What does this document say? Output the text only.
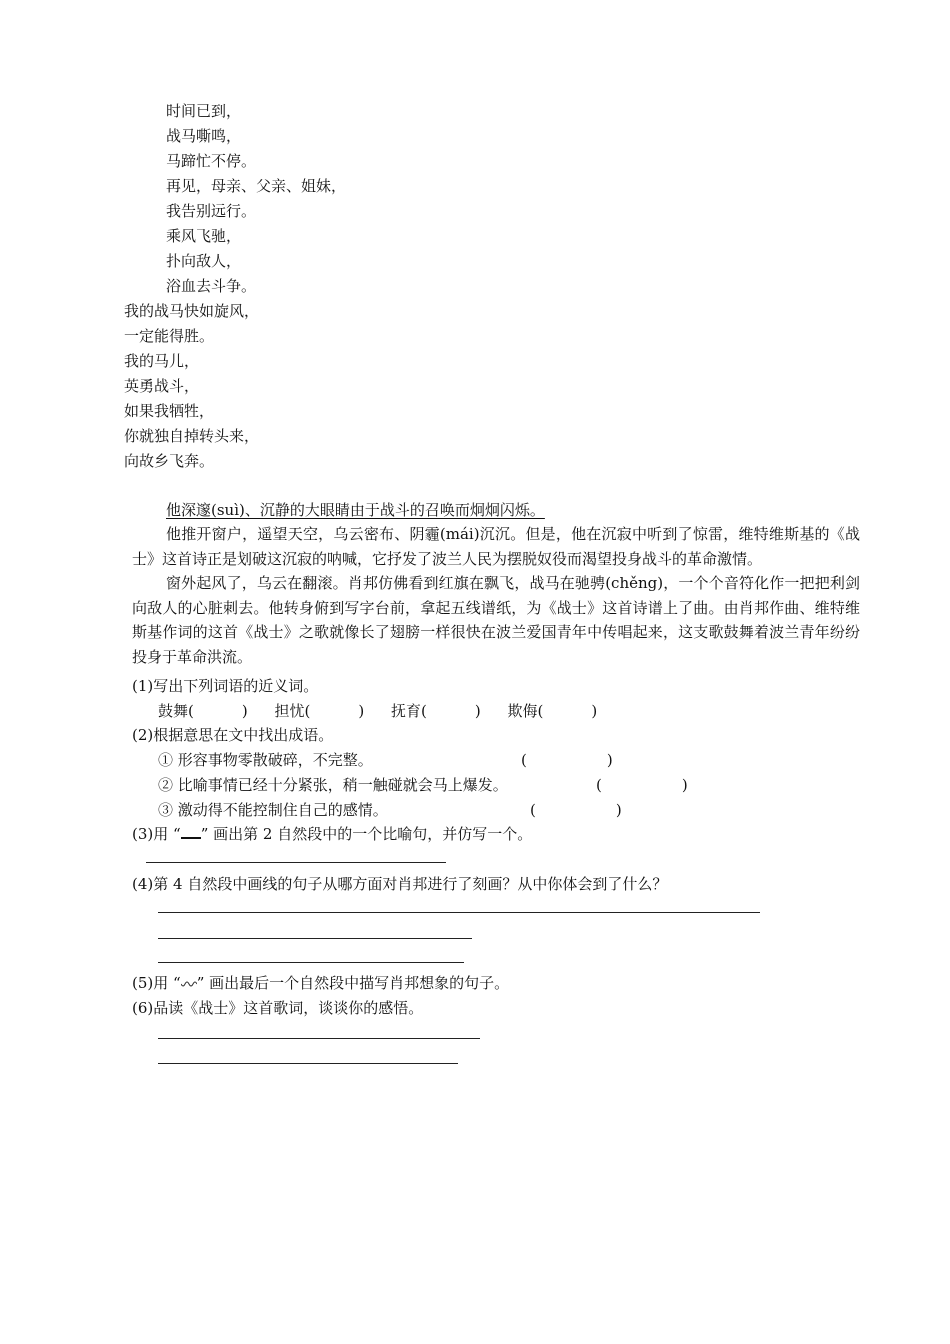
时间已到，
战马嘶鸣，
马蹄忙不停。
再见，母亲、父亲、姐妹，
我告别远行。
乘风飞驰，
扑向敌人，
浴血去斗争。
我的战马快如旋风，
一定能得胜。
我的马儿，
英勇战斗，
如果我牺牲，
你就独自掉转头来，
向故乡飞奔。
他深邃(suì)、沉静的大眼睛由于战斗的召唤而炯炯闪烁。
他推开窗户，遥望天空，乌云密布、阴霾(mái)沉沉。但是，他在沉寂中听到了惊雷，维特维斯基的《战士》这首诗正是划破这沉寂的呐喊，它抒发了波兰人民为摆脱奴役而渴望投身战斗的革命激情。
窗外起风了，乌云在翻滚。肖邦仿佛看到红旗在飘飞，战马在驰骋(chěng)，一个个音符化作一把把利剑向敌人的心脏刺去。他转身俯到写字台前，拿起五线谱纸，为《战士》这首诗谱上了曲。由肖邦作曲、维特维斯基作词的这首《战士》之歌就像长了翅膀一样很快在波兰爱国青年中传唱起来，这支歌鼓舞着波兰青年纷纷投身于革命洪流。
(1)写出下列词语的近义词。
鼓舞(	) 担忧(	) 抚育(	) 欺侮(	)
(2)根据意思在文中找出成语。
① 形容事物零散破碎，不完整。	(	)
② 比喻事情已经十分紧张，稍一触碰就会马上爆发。	(	)
③ 激动得不能控制住自己的感情。	(	)
(3)用 “ ” 画出第 2 自然段中的一个比喻句，并仿写一个。
(4)第 4 自然段中画线的句子从哪方面对肖邦进行了刻画？从中你体会到了什么？
(5)用 “ ” 画出最后一个自然段中描写肖邦想象的句子。
(6)品读《战士》这首歌词，谈谈你的感悟。
